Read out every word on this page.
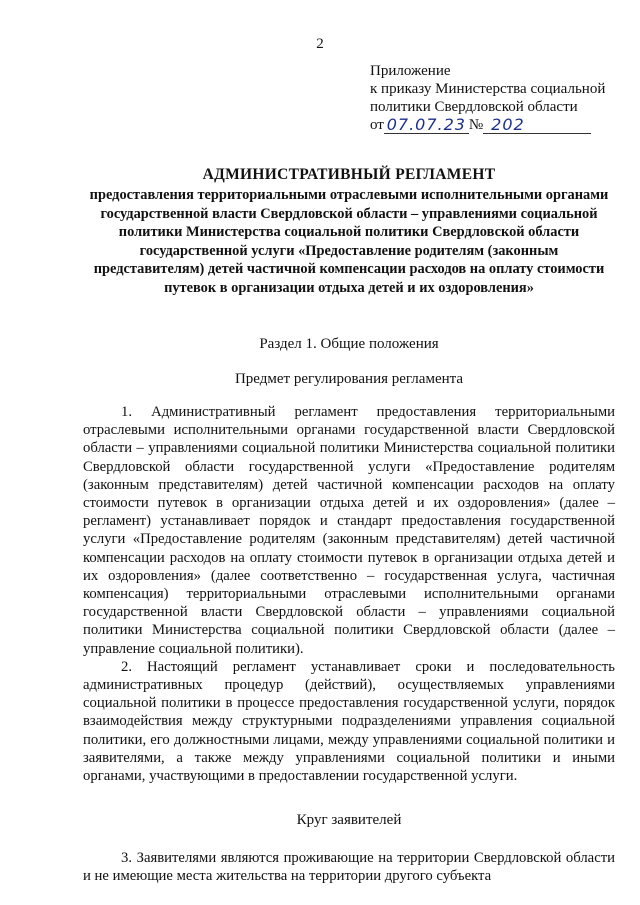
2
Приложение
к приказу Министерства социальной
политики Свердловской области
от 07.07.23 № 202
АДМИНИСТРАТИВНЫЙ РЕГЛАМЕНТ

предоставления территориальными отраслевыми исполнительными органами государственной власти Свердловской области – управлениями социальной политики Министерства социальной политики Свердловской области государственной услуги «Предоставление родителям (законным представителям) детей частичной компенсации расходов на оплату стоимости путевок в организации отдыха детей и их оздоровления»

Раздел 1. Общие положения

Предмет регулирования регламента

1. Административный регламент предоставления территориальными отраслевыми исполнительными органами государственной власти Свердловской области – управлениями социальной политики Министерства социальной политики Свердловской области государственной услуги «Предоставление родителям (законным представителям) детей частичной компенсации расходов на оплату стоимости путевок в организации отдыха детей и их оздоровления» (далее – регламент) устанавливает порядок и стандарт предоставления государственной услуги «Предоставление родителям (законным представителям) детей частичной компенсации расходов на оплату стоимости путевок в организации отдыха детей и их оздоровления» (далее соответственно – государственная услуга, частичная компенсация) территориальными отраслевыми исполнительными органами государственной власти Свердловской области – управлениями социальной политики Министерства социальной политики Свердловской области (далее – управление социальной политики).

2. Настоящий регламент устанавливает сроки и последовательность административных процедур (действий), осуществляемых управлениями социальной политики в процессе предоставления государственной услуги, порядок взаимодействия между структурными подразделениями управления социальной политики, его должностными лицами, между управлениями социальной политики и заявителями, а также между управлениями социальной политики и иными органами, участвующими в предоставлении государственной услуги.

Круг заявителей

3. Заявителями являются проживающие на территории Свердловской области и не имеющие места жительства на территории другого субъекта
